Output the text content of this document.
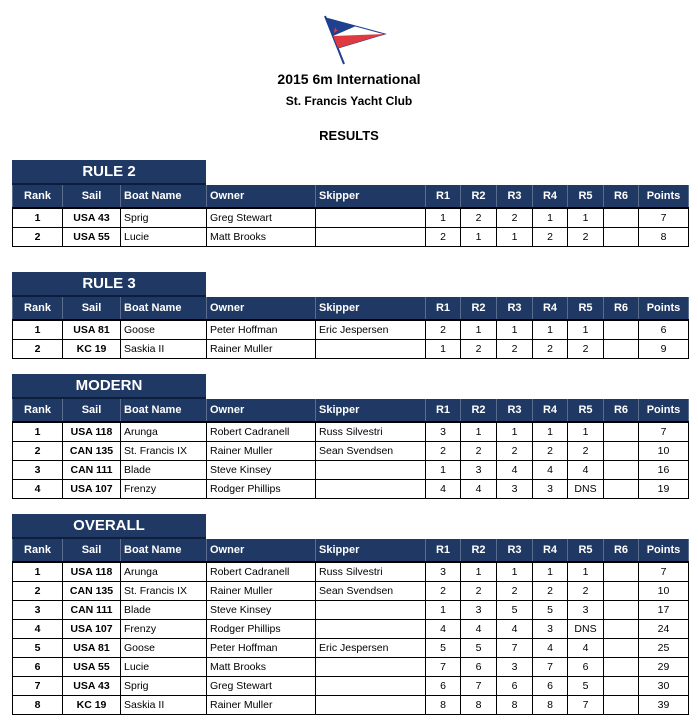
2015 6m International
St. Francis Yacht Club
RESULTS
RULE 2
Rank	Sail	Boat Name	Owner	Skipper	R1	R2	R3	R4	R5	R6	Points
1	USA 43	Sprig	Greg Stewart		1	2	2	1	1		7
2	USA 55	Lucie	Matt Brooks		2	1	1	2	2		8
RULE 3
Rank	Sail	Boat Name	Owner	Skipper	R1	R2	R3	R4	R5	R6	Points
1	USA 81	Goose	Peter Hoffman	Eric Jespersen	2	1	1	1	1		6
2	KC 19	Saskia II	Rainer Muller		1	2	2	2	2		9
MODERN
Rank	Sail	Boat Name	Owner	Skipper	R1	R2	R3	R4	R5	R6	Points
1	USA 118	Arunga	Robert Cadranell	Russ Silvestri	3	1	1	1	1		7
2	CAN 135	St. Francis IX	Rainer Muller	Sean Svendsen	2	2	2	2	2		10
3	CAN 111	Blade	Steve Kinsey		1	3	4	4	4		16
4	USA 107	Frenzy	Rodger Phillips		4	4	3	3	DNS		19
OVERALL
Rank	Sail	Boat Name	Owner	Skipper	R1	R2	R3	R4	R5	R6	Points
1	USA 118	Arunga	Robert Cadranell	Russ Silvestri	3	1	1	1	1		7
2	CAN 135	St. Francis IX	Rainer Muller	Sean Svendsen	2	2	2	2	2		10
3	CAN 111	Blade	Steve Kinsey		1	3	5	5	3		17
4	USA 107	Frenzy	Rodger Phillips		4	4	4	3	DNS		24
5	USA 81	Goose	Peter Hoffman	Eric Jespersen	5	5	7	4	4		25
6	USA 55	Lucie	Matt Brooks		7	6	3	7	6		29
7	USA 43	Sprig	Greg Stewart		6	7	6	6	5		30
8	KC 19	Saskia II	Rainer Muller		8	8	8	8	7		39
